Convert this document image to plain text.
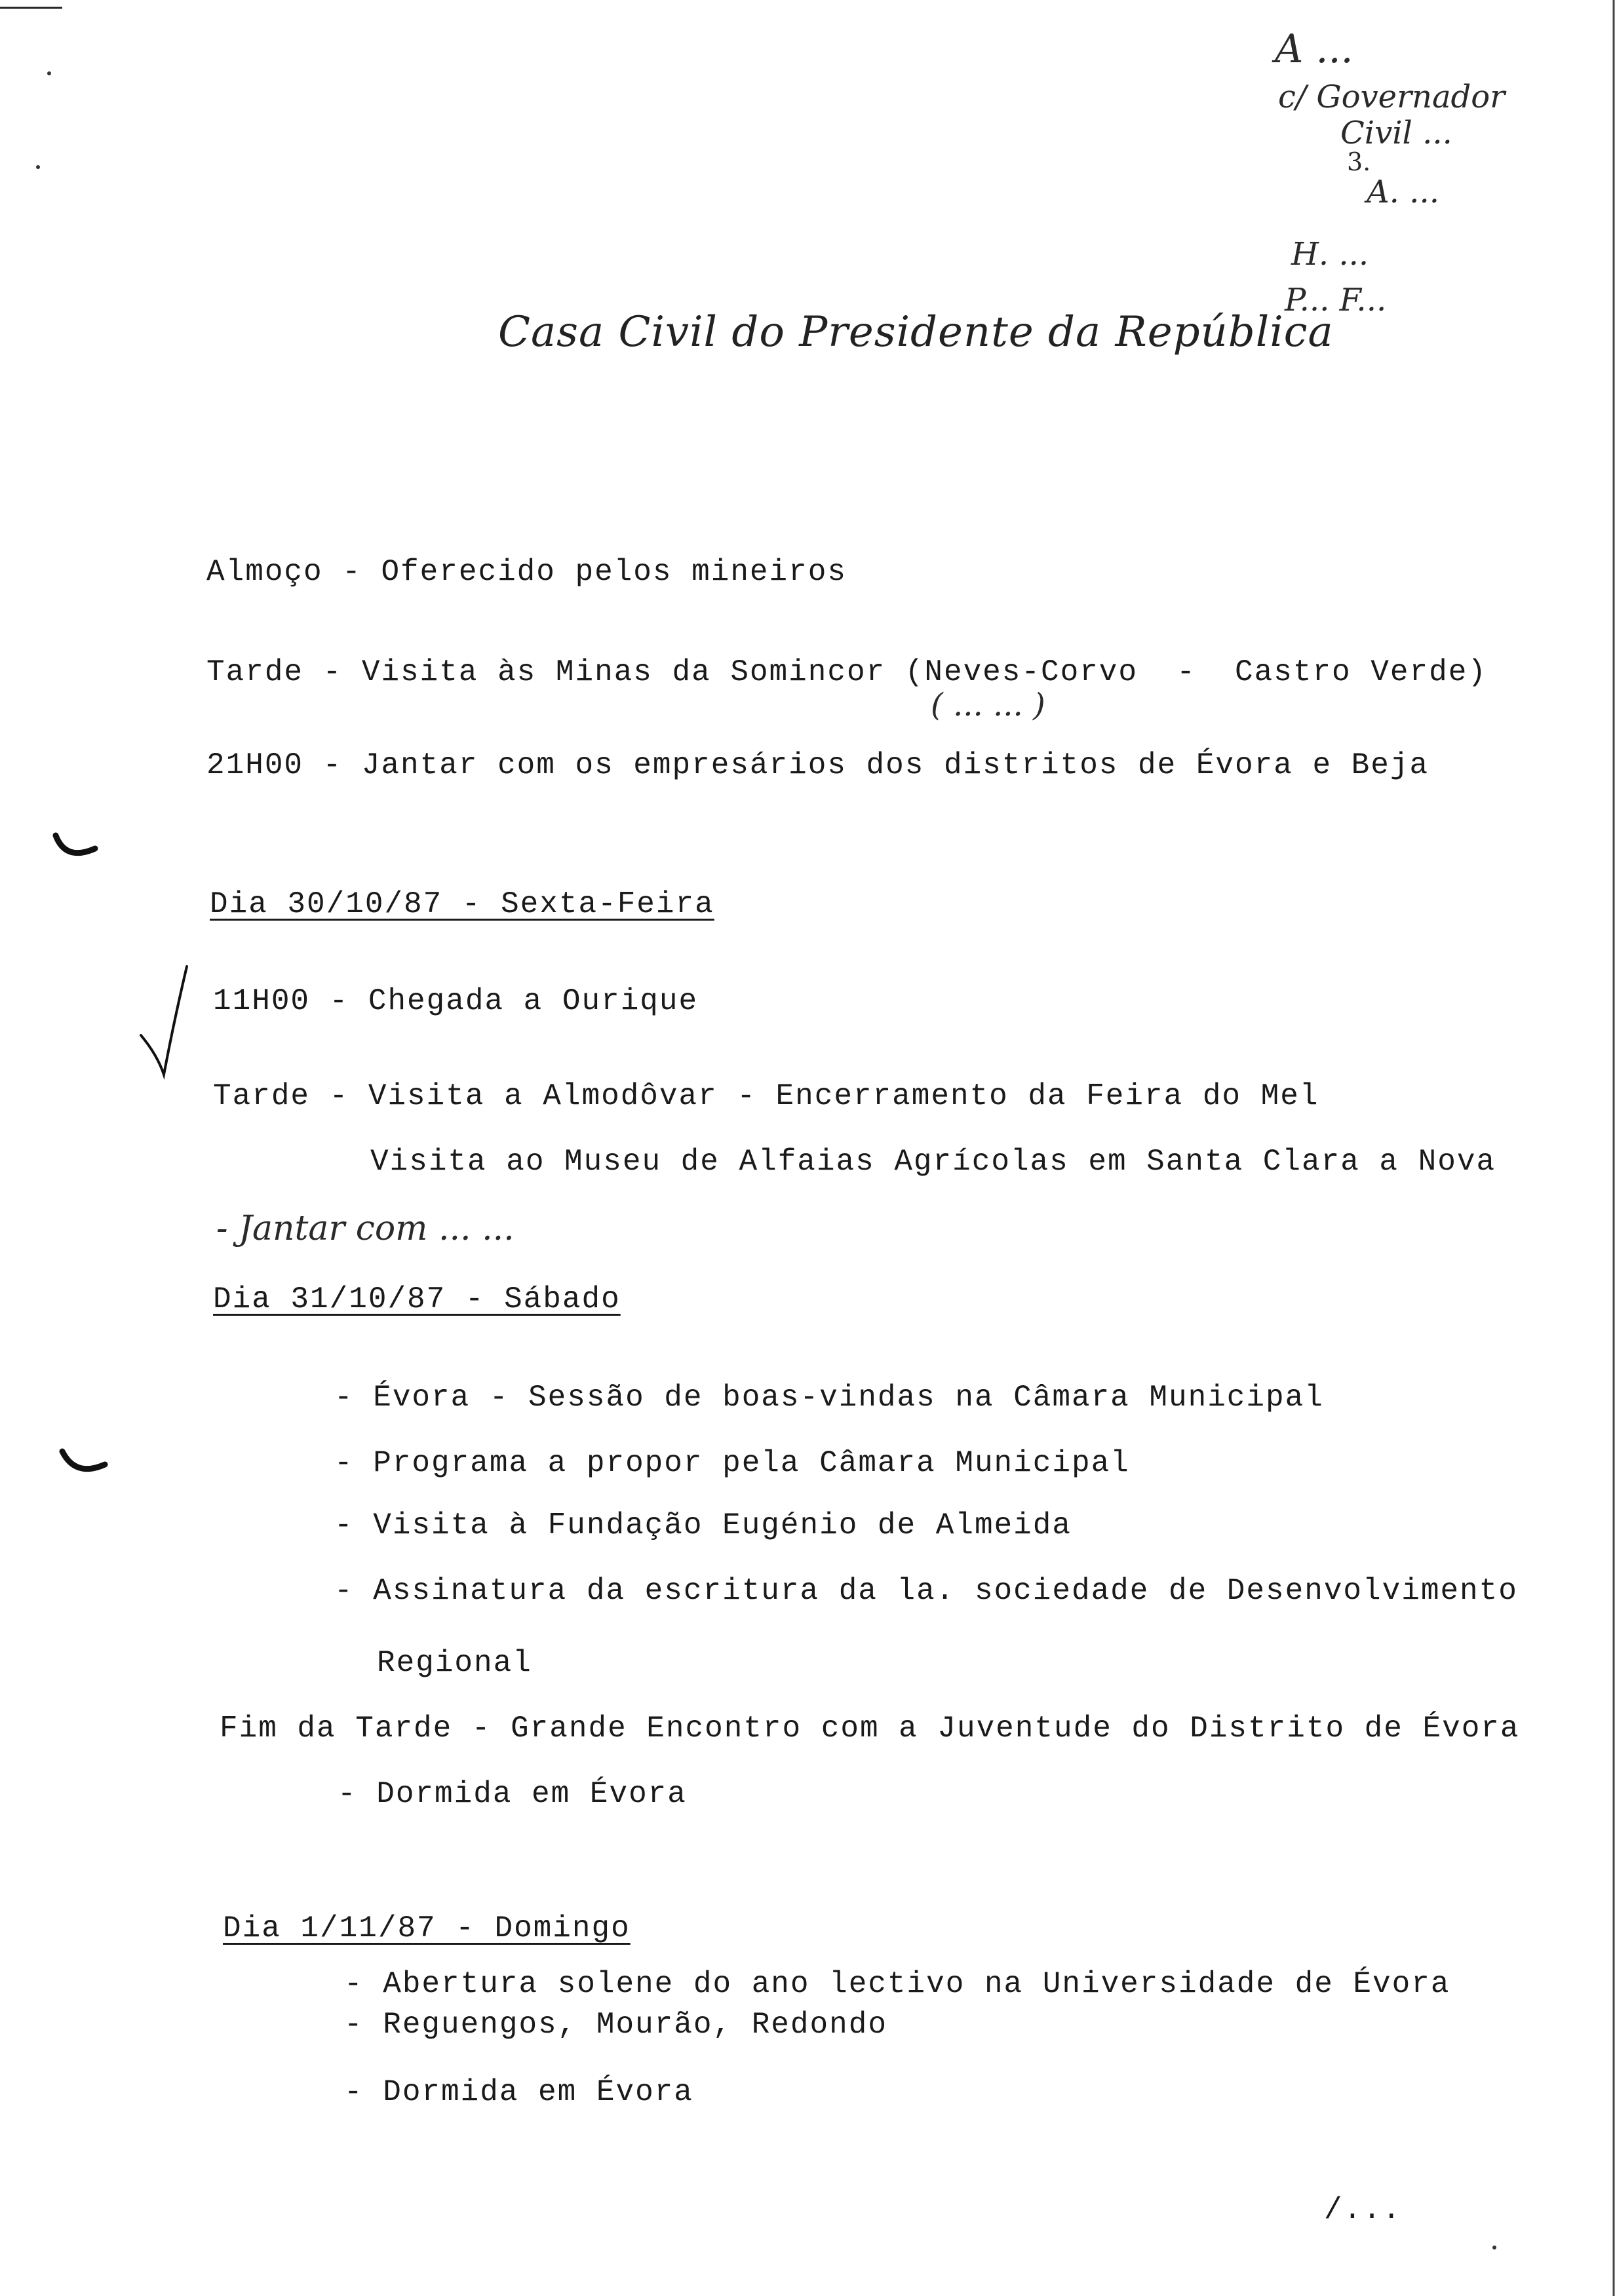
Casa Civil do Presidente da República
A ...
c/ Governador
Civil ...
3.
A. ...
H. ...
P... F...
Almoço - Oferecido pelos mineiros
Tarde - Visita às Minas da Somincor (Neves-Corvo  -  Castro Verde)
( ... ... )
21H00 - Jantar com os empresários dos distritos de Évora e Beja
Dia 30/10/87 - Sexta-Feira
11H00 - Chegada a Ourique
Tarde - Visita a Almodôvar - Encerramento da Feira do Mel
Visita ao Museu de Alfaias Agrícolas em Santa Clara a Nova
- Jantar com ... ...
Dia 31/10/87 - Sábado
- Évora - Sessão de boas-vindas na Câmara Municipal
- Programa a propor pela Câmara Municipal
- Visita à Fundação Eugénio de Almeida
- Assinatura da escritura da la. sociedade de Desenvolvimento
Regional
Fim da Tarde - Grande Encontro com a Juventude do Distrito de Évora
- Dormida em Évora
Dia 1/11/87 - Domingo
- Abertura solene do ano lectivo na Universidade de Évora
- Reguengos, Mourão, Redondo
- Dormida em Évora
/...
